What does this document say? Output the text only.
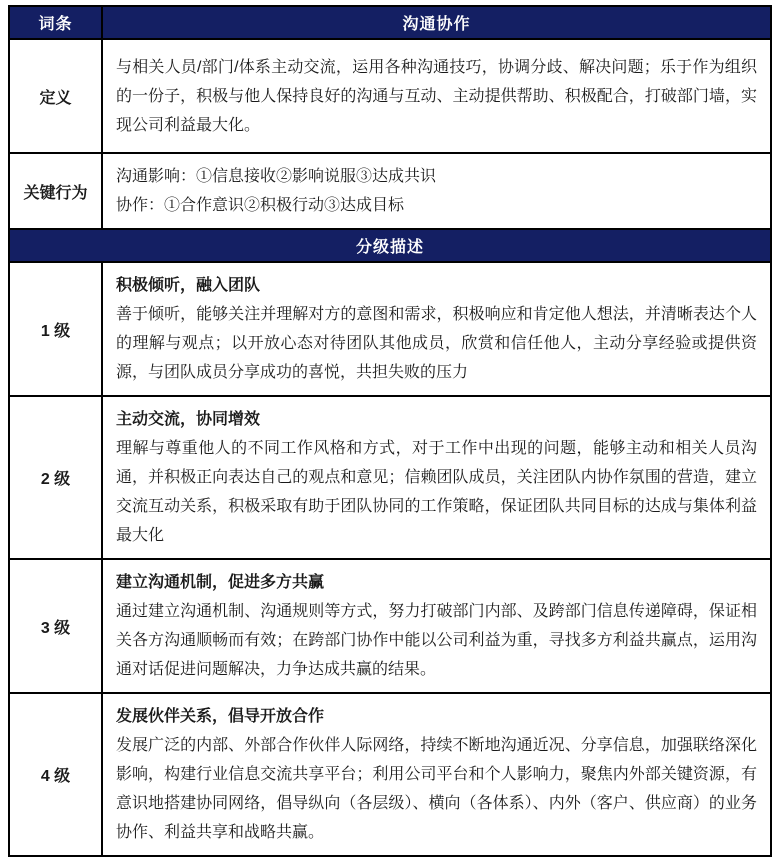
词条	沟通协作
定义	与相关人员/部门/体系主动交流，运用各种沟通技巧，协调分歧、解决问题；乐于作为组织的一份子，积极与他人保持良好的沟通与互动、主动提供帮助、积极配合，打破部门墙，实现公司利益最大化。
关键行为	沟通影响：①信息接收②影响说服③达成共识
协作：①合作意识②积极行动③达成目标

分级描述	
1 级	积极倾听，融入团队
善于倾听，能够关注并理解对方的意图和需求，积极响应和肯定他人想法，并清晰表达个人的理解与观点；以开放心态对待团队其他成员，欣赏和信任他人，主动分享经验或提供资源，与团队成员分享成功的喜悦，共担失败的压力
2 级	主动交流，协同增效
理解与尊重他人的不同工作风格和方式，对于工作中出现的问题，能够主动和相关人员沟通，并积极正向表达自己的观点和意见；信赖团队成员，关注团队内协作氛围的营造，建立交流互动关系，积极采取有助于团队协同的工作策略，保证团队共同目标的达成与集体利益最大化
3 级	建立沟通机制，促进多方共赢
通过建立沟通机制、沟通规则等方式，努力打破部门内部、及跨部门信息传递障碍，保证相关各方沟通顺畅而有效；在跨部门协作中能以公司利益为重，寻找多方利益共赢点，运用沟通对话促进问题解决，力争达成共赢的结果。
4 级	发展伙伴关系，倡导开放合作
发展广泛的内部、外部合作伙伴人际网络，持续不断地沟通近况、分享信息，加强联络深化影响，构建行业信息交流共享平台；利用公司平台和个人影响力，聚焦内外部关键资源，有意识地搭建协同网络，倡导纵向（各层级）、横向（各体系）、内外（客户、供应商）的业务协作、利益共享和战略共赢。
